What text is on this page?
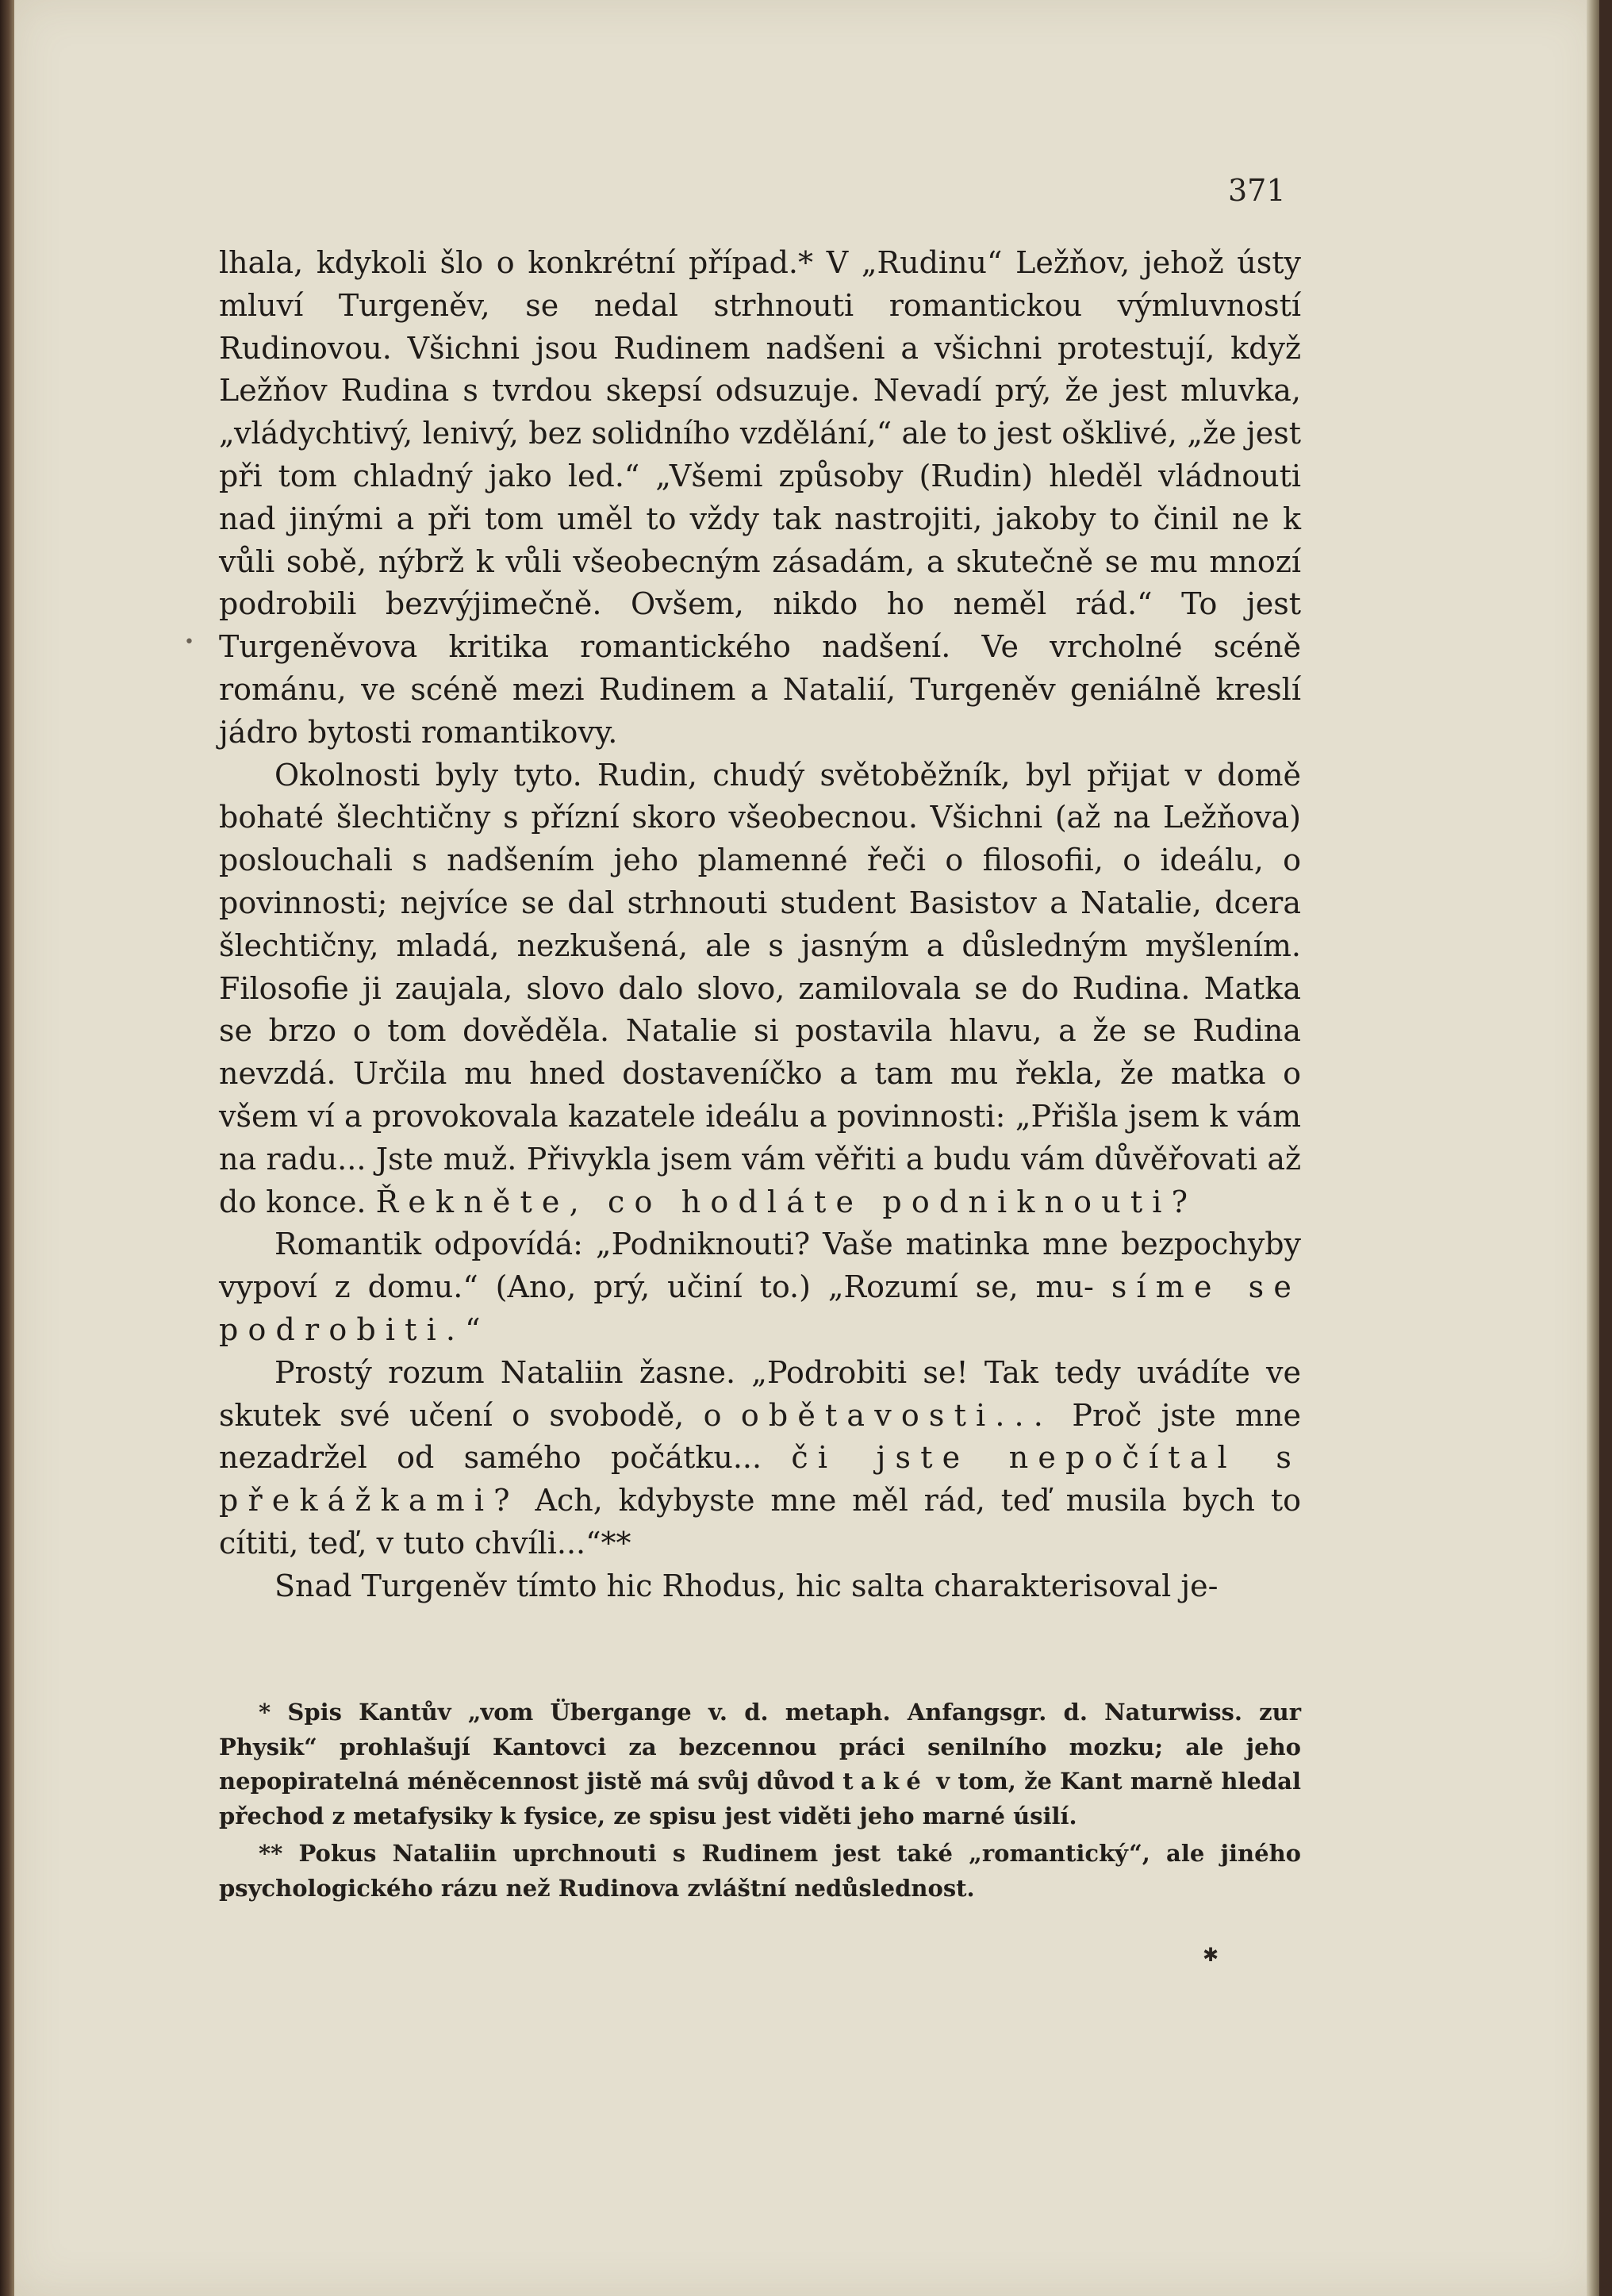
371
•

lhala, kdykoli šlo o konkrétní případ.* V „Rudinu“ Ležňov, jehož ústy mluví Turgeněv, se nedal strhnouti romantickou výmluvností Rudinovou. Všichni jsou Rudinem nadšeni a všichni protestují, když Ležňov Rudina s tvrdou skepsí odsuzuje. Nevadí prý, že jest mluvka, „vládychtivý, lenivý, bez solidního vzdělání,“ ale to jest ošklivé, „že jest při tom chladný jako led.“ „Všemi způsoby (Rudin) hleděl vládnouti nad jinými a při tom uměl to vždy tak nastrojiti, jakoby to činil ne k vůli sobě, nýbrž k vůli všeobecným zásadám, a skutečně se mu mnozí podrobili bezvýjimečně. Ovšem, nikdo ho neměl rád.“ To jest Turgeněvova kritika romantického nadšení. Ve vrcholné scéně románu, ve scéně mezi Rudinem a Natalií, Turgeněv geniálně kreslí jádro bytosti romantikovy.

Okolnosti byly tyto. Rudin, chudý světoběžník, byl přijat v domě bohaté šlechtičny s přízní skoro všeobecnou. Všichni (až na Ležňova) poslouchali s nadšením jeho plamenné řeči o filosofii, o ideálu, o povinnosti; nejvíce se dal strhnouti student Basistov a Natalie, dcera šlechtičny, mladá, nezkušená, ale s jasným a důsledným myšlením. Filosofie ji zaujala, slovo dalo slovo, zamilovala se do Rudina. Matka se brzo o tom dověděla. Natalie si postavila hlavu, a že se Rudina nevzdá. Určila mu hned dostaveníčko a tam mu řekla, že matka o všem ví a provokovala kazatele ideálu a povinnosti: „Přišla jsem k vám na radu... Jste muž. Přivykla jsem vám věřiti a budu vám důvěřovati až do konce. Řekněte, co hodláte podniknouti?

Romantik odpovídá: „Podniknouti? Vaše matinka mne bezpochyby vypoví z domu.“ (Ano, prý, učiní to.) „Rozumí se, mu- síme se podrobiti.“

Prostý rozum Nataliin žasne. „Podrobiti se! Tak tedy uvádíte ve skutek své učení o svobodě, o obětavosti... Proč jste mne nezadržel od samého počátku... či jste nepočítal s překážkami? Ach, kdybyste mne měl rád, teď musila bych to cítiti, teď, v tuto chvíli...“**

Snad Turgeněv tímto hic Rhodus, hic salta charakterisoval je-

* Spis Kantův „vom Übergange v. d. metaph. Anfangsgr. d. Naturwiss. zur Physik“ prohlašují Kantovci za bezcennou práci senilního mozku; ale jeho nepopiratelná méněcennost jistě má svůj důvod také v tom, že Kant marně hledal přechod z metafysiky k fysice, ze spisu jest viděti jeho marné úsilí.

** Pokus Nataliin uprchnouti s Rudinem jest také „romantický“, ale jiného psychologického rázu než Rudinova zvláštní nedůslednost.

✱
